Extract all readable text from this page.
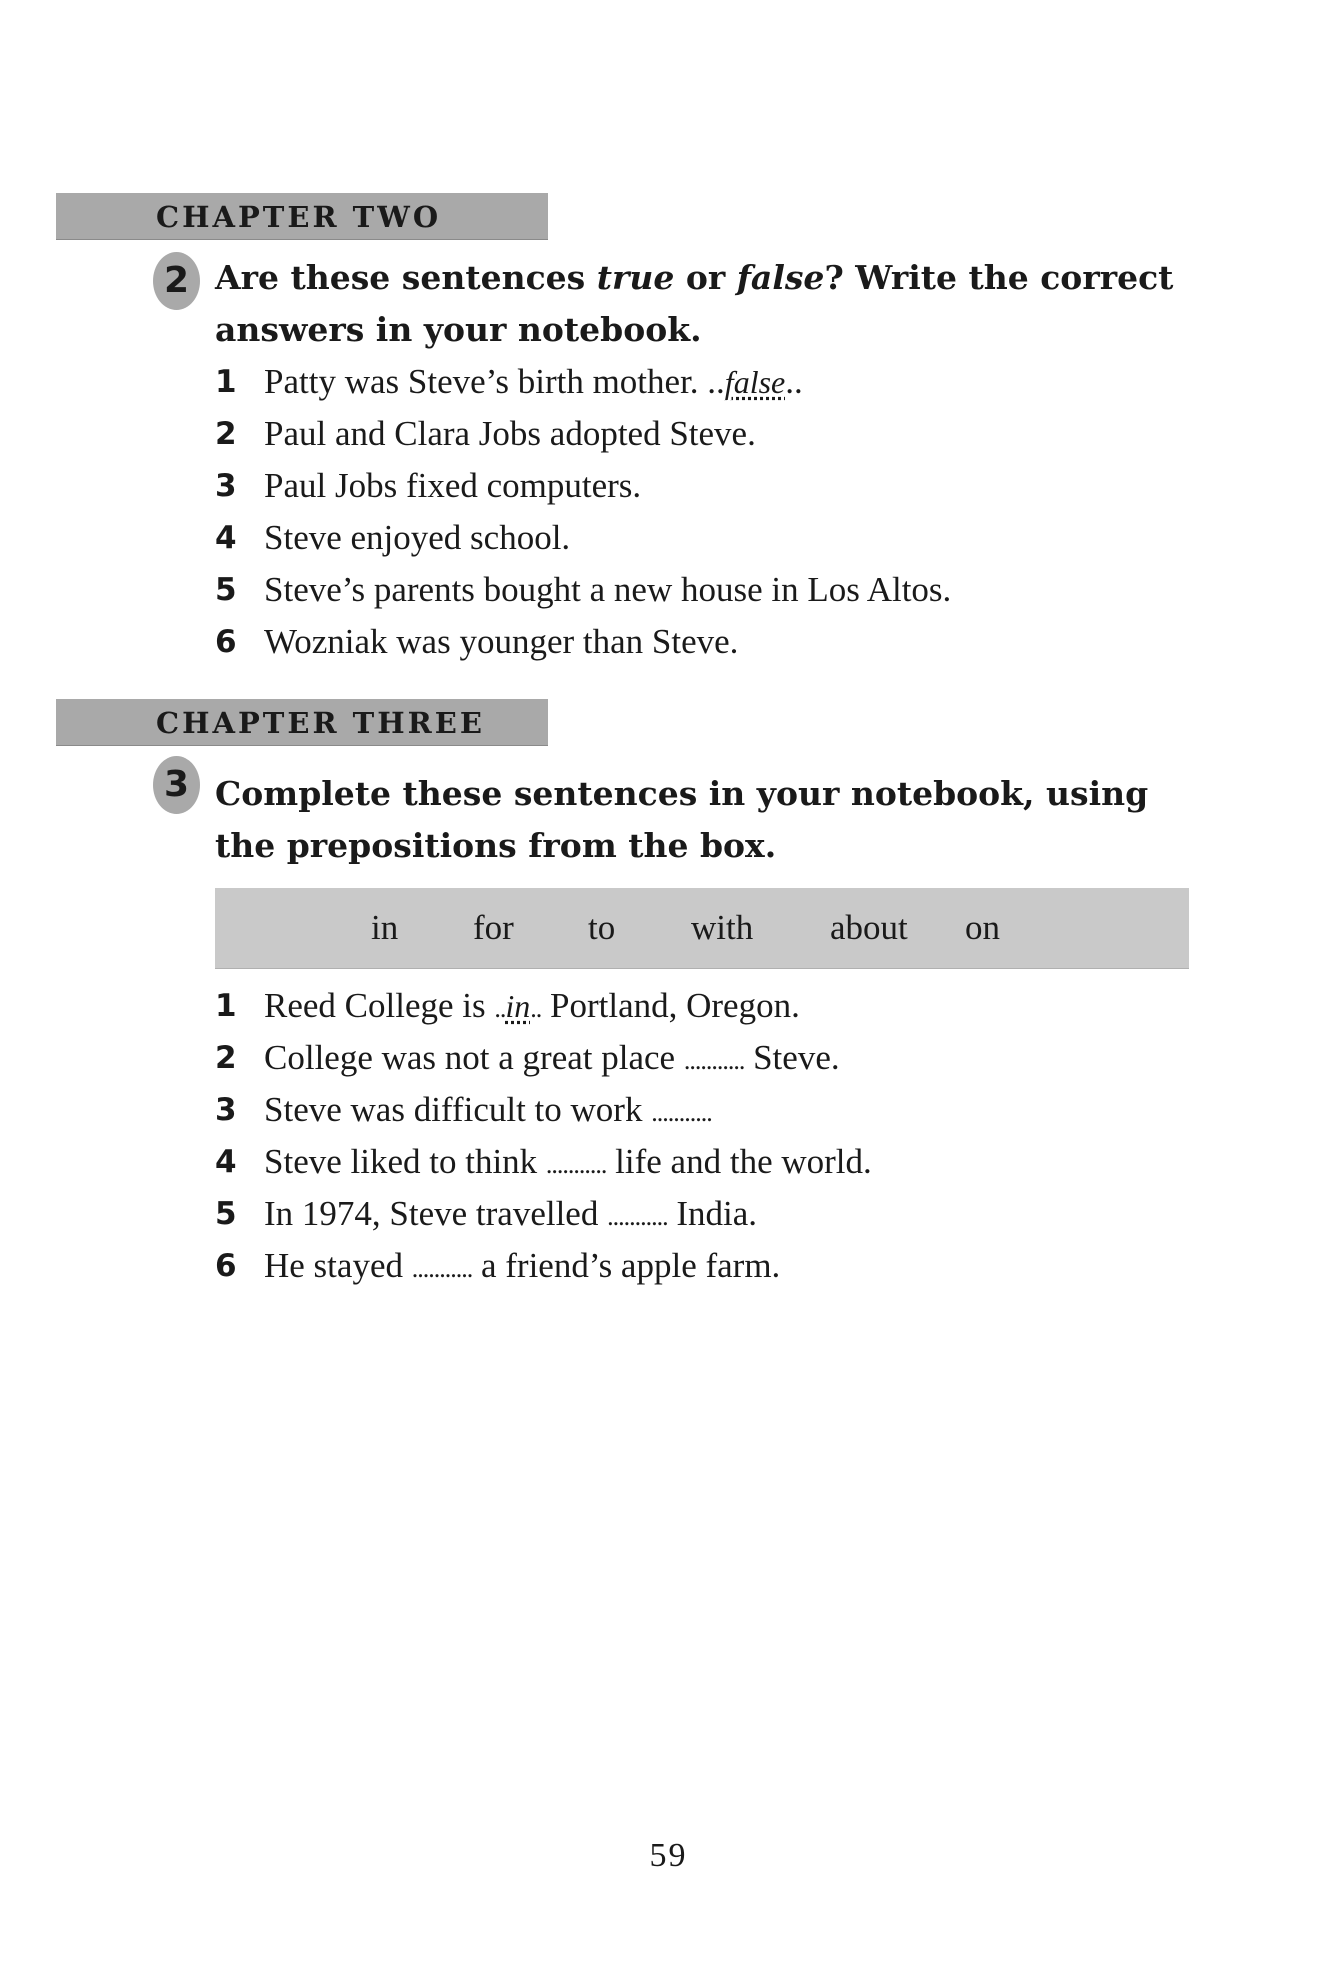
CHAPTER TWO
2 Are these sentences true or false? Write the correct answers in your notebook.
1 Patty was Steve’s birth mother. ..false..
2 Paul and Clara Jobs adopted Steve.
3 Paul Jobs fixed computers.
4 Steve enjoyed school.
5 Steve’s parents bought a new house in Los Altos.
6 Wozniak was younger than Steve.
CHAPTER THREE
3 Complete these sentences in your notebook, using the prepositions from the box.
in for to with about on
1 Reed College is ..in.. Portland, Oregon.
2 College was not a great place ........... Steve.
3 Steve was difficult to work ...........
4 Steve liked to think ........... life and the world.
5 In 1974, Steve travelled ........... India.
6 He stayed ........... a friend’s apple farm.
59
